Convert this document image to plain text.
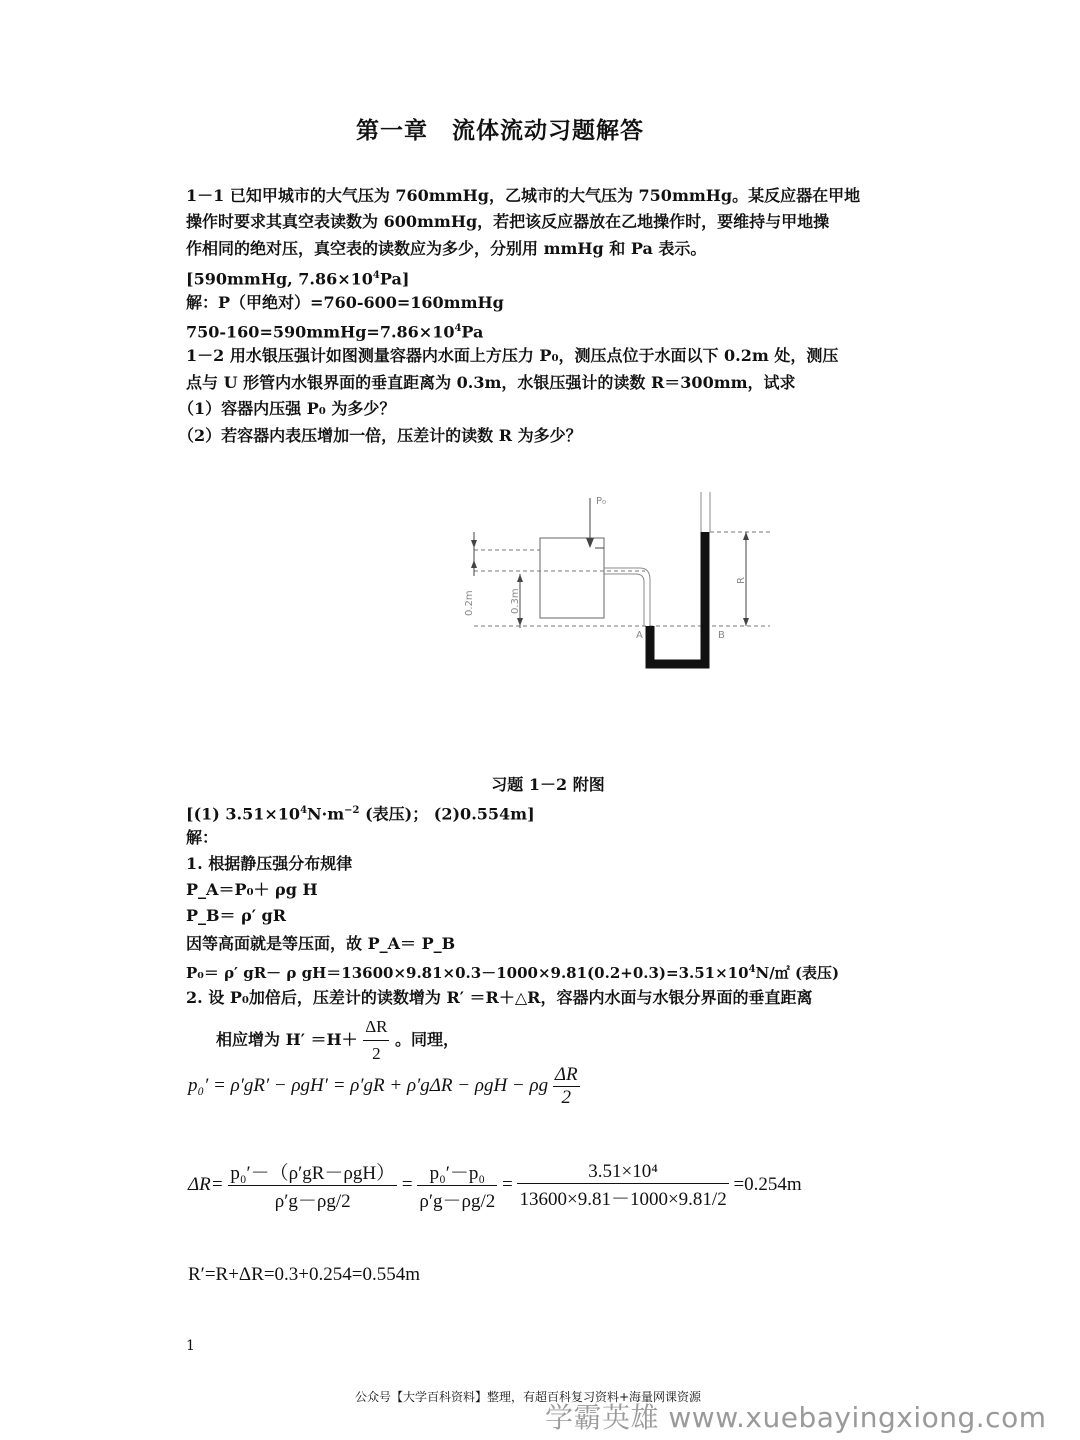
第一章　流体流动习题解答
1－1 已知甲城市的大气压为 760mmHg，乙城市的大气压为 750mmHg。某反应器在甲地
操作时要求其真空表读数为 600mmHg，若把该反应器放在乙地操作时，要维持与甲地操
作相同的绝对压，真空表的读数应为多少，分别用 mmHg 和 Pa 表示。
[590mmHg, $7.86\times 10^4Pa$]
解：P（甲绝对）=760-600=160mmHg
$750-160=590mmHg=7.86\times 10^4Pa$
1－2 用水银压强计如图测量容器内水面上方压力 P₀，测压点位于水面以下 0.2m 处，测压
点与 U 形管内水银界面的垂直距离为 0.3m，水银压强计的读数 R＝300mm，试求
（1）容器内压强 P₀ 为多少？
（2）若容器内表压增加一倍，压差计的读数 R 为多少？
P₀
0.2m	0.3m
R
A	B
习题 1－2 附图
[(1) $3.51\times 10^4N\cdot m^{-2}$ (表压)； (2)0.554m]
解：
1. 根据静压强分布规律
P_A＝P₀＋ ρg H
P_B＝ ρ′ gR
因等高面就是等压面，故 P_A＝ P_B
P₀＝ ρ′ gR－ ρ $gH=13600\times 9.81\times 0.3-1000\times 9.81(0.2+0.3)=3.51\times 10^4N/㎡$ (表压)
2. 设 P₀加倍后，压差计的读数增为 R′ ＝R＋△R，容器内水面与水银分界面的垂直距离
相应增为 $H' =H+ \frac{\Delta R}{2}$ 。同理，
p₀′ = ρ′gR′ − ρgH′ = ρ′gR + ρ′gΔR − ρgH − ρg $\frac{\Delta R}{2}$
$\Delta R= \frac{\text{p₀′－（ρ′gR－ρgH）}}{\rho'g-\rho g/2} = \frac{\text{p₀′－p₀}}{\rho'g-\rho g/2} = \frac{\text{3.51×10⁴}}{13600\times 9.81-1000\times 9.81/2} =0.254m$
R′=R+ΔR=0.3+0.254=0.554m
1
公众号【大学百科资料】整理，有超百科复习资料+海量网课资源
学霸英雄 www.xuebayingxiong.com
